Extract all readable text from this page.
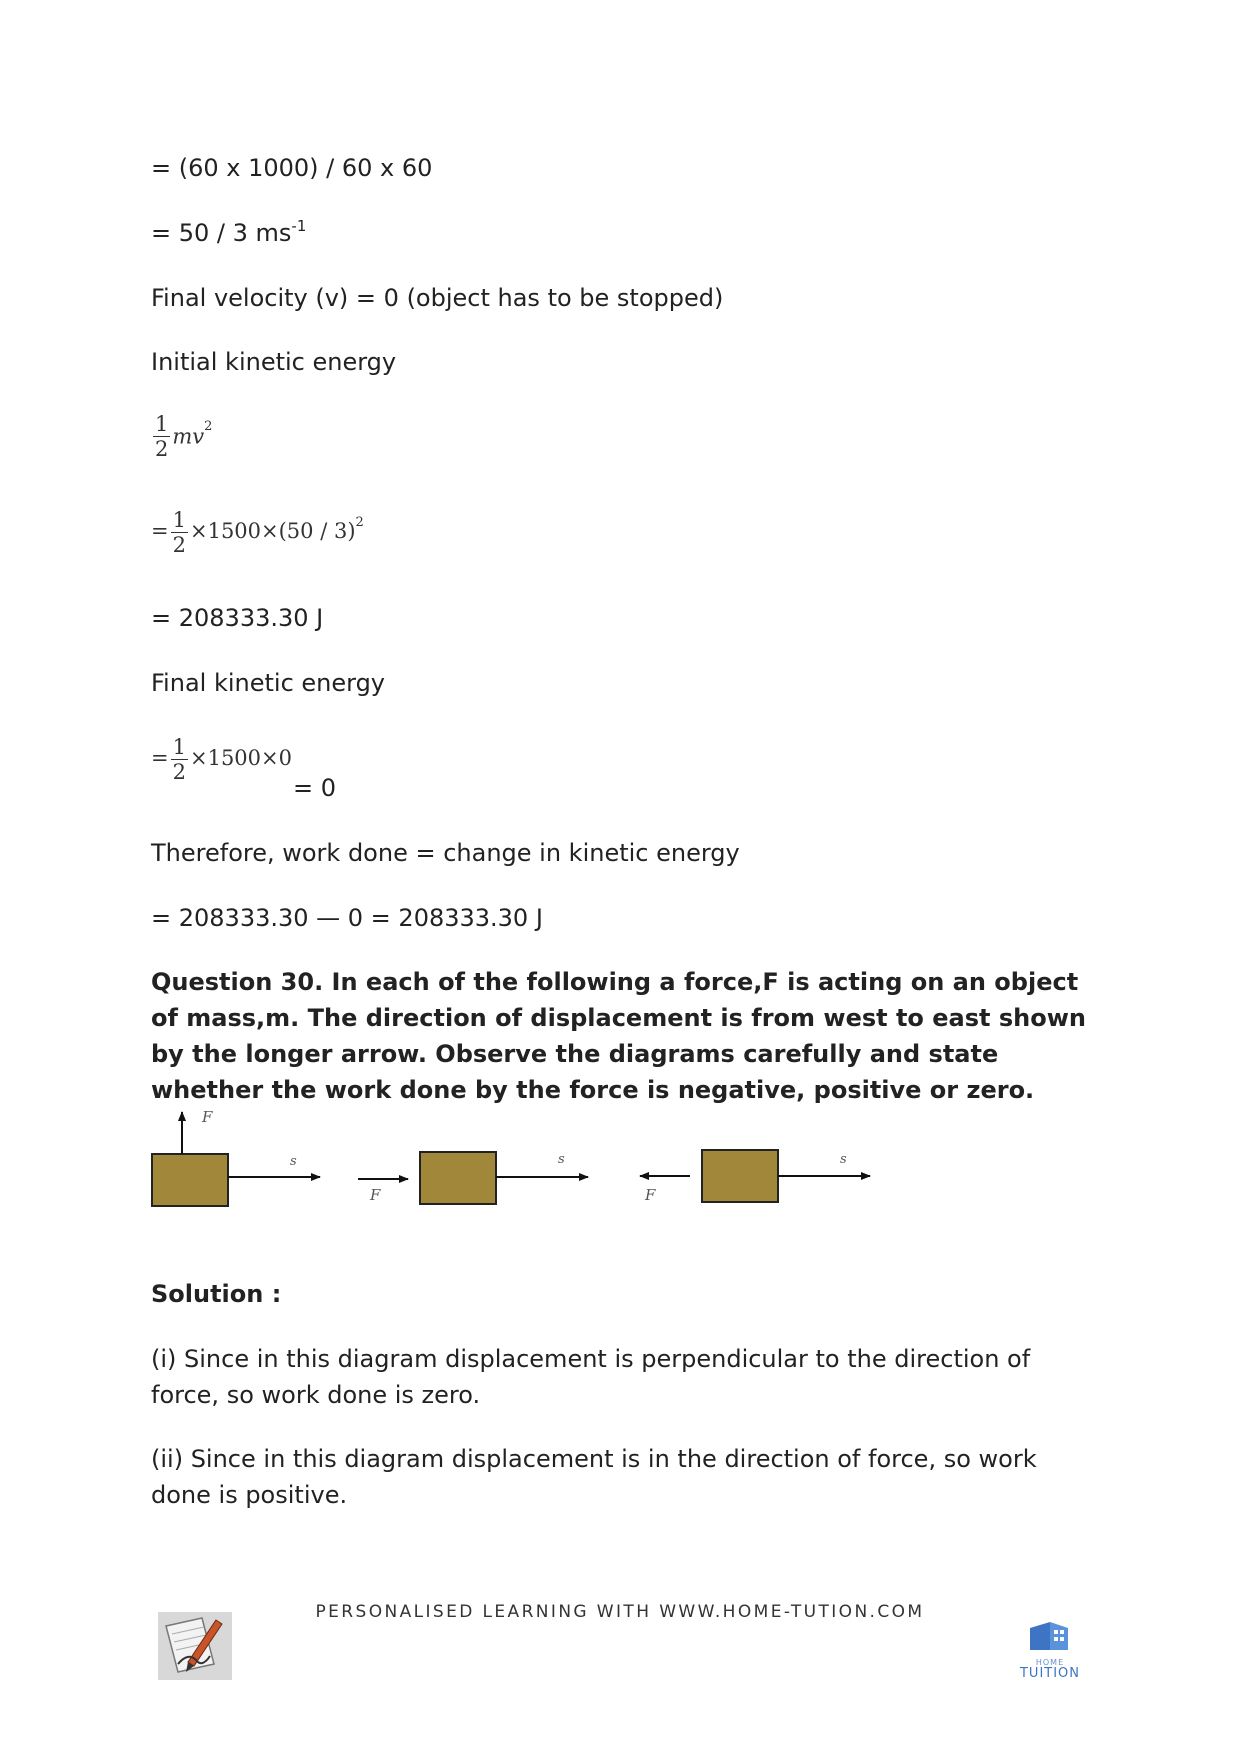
= (60 x 1000) / 60 x 60
= 50 / 3 $ms^{-1}$
Final velocity (v) = 0 (object has to be stopped)
Initial kinetic energy
$\frac{1}{2} mv^2$
= $\frac{1}{2} \times 1500\times(50 / 3)^2$
= 208333.30 J
Final kinetic energy
= $\frac{1}{2} \times 1500\times 0$
= 0
Therefore, work done = change in kinetic energy
= 208333.30 — 0 = 208333.30 J
Question 30. In each of the following a force,F is acting on an object of mass,m. The direction of displacement is from west to east shown by the longer arrow. Observe the diagrams carefully and state whether the work done by the force is negative, positive or zero.
F
s
F
s
F
s
Solution :
(i) Since in this diagram displacement is perpendicular to the direction of force, so work done is zero.
(ii) Since in this diagram displacement is in the direction of force, so work done is positive.
PERSONALISED LEARNING WITH WWW.HOME-TUTION.COM
HOME
TUITION
